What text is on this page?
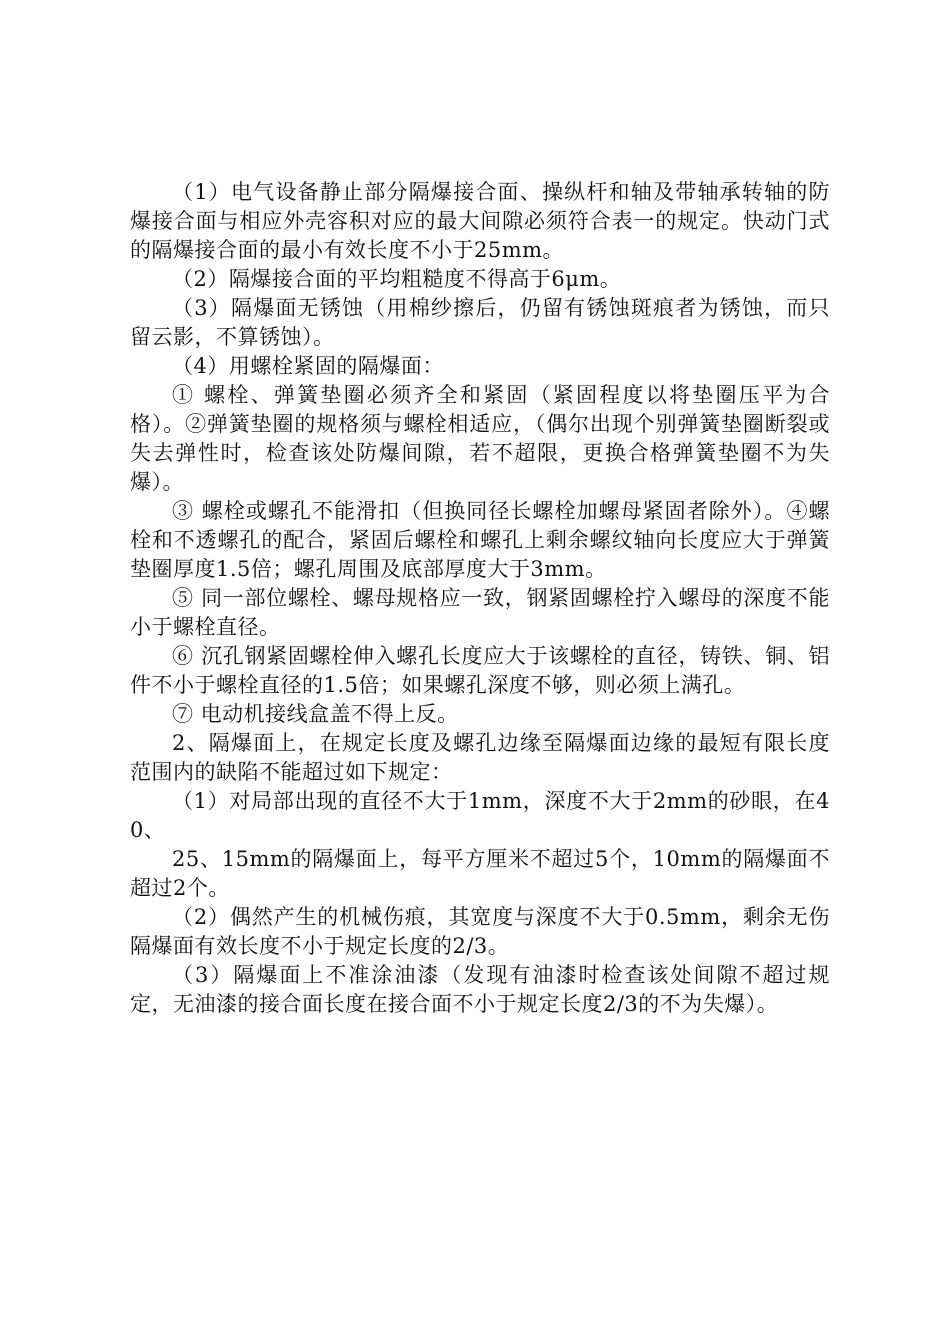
（1）电气设备静止部分隔爆接合面、操纵杆和轴及带轴承转轴的防爆接合面与相应外壳容积对应的最大间隙必须符合表一的规定。快动门式的隔爆接合面的最小有效长度不小于25mm。

（2）隔爆接合面的平均粗糙度不得高于6μm。

（3）隔爆面无锈蚀（用棉纱擦后，仍留有锈蚀斑痕者为锈蚀，而只留云影，不算锈蚀）。

（4）用螺栓紧固的隔爆面：

① 螺栓、弹簧垫圈必须齐全和紧固（紧固程度以将垫圈压平为合格）。②弹簧垫圈的规格须与螺栓相适应，（偶尔出现个别弹簧垫圈断裂或失去弹性时，检查该处防爆间隙，若不超限，更换合格弹簧垫圈不为失爆）。

③ 螺栓或螺孔不能滑扣（但换同径长螺栓加螺母紧固者除外）。④螺栓和不透螺孔的配合，紧固后螺栓和螺孔上剩余螺纹轴向长度应大于弹簧垫圈厚度1.5倍；螺孔周围及底部厚度大于3mm。

⑤ 同一部位螺栓、螺母规格应一致，钢紧固螺栓拧入螺母的深度不能小于螺栓直径。

⑥ 沉孔钢紧固螺栓伸入螺孔长度应大于该螺栓的直径，铸铁、铜、铝件不小于螺栓直径的1.5倍；如果螺孔深度不够，则必须上满孔。

⑦ 电动机接线盒盖不得上反。

2、隔爆面上，在规定长度及螺孔边缘至隔爆面边缘的最短有限长度范围内的缺陷不能超过如下规定：

（1）对局部出现的直径不大于1mm，深度不大于2mm的砂眼，在40、

25、15mm的隔爆面上，每平方厘米不超过5个，10mm的隔爆面不超过2个。

（2）偶然产生的机械伤痕，其宽度与深度不大于0.5mm，剩余无伤隔爆面有效长度不小于规定长度的2/3。

（3）隔爆面上不准涂油漆（发现有油漆时检查该处间隙不超过规定，无油漆的接合面长度在接合面不小于规定长度2/3的不为失爆）。
